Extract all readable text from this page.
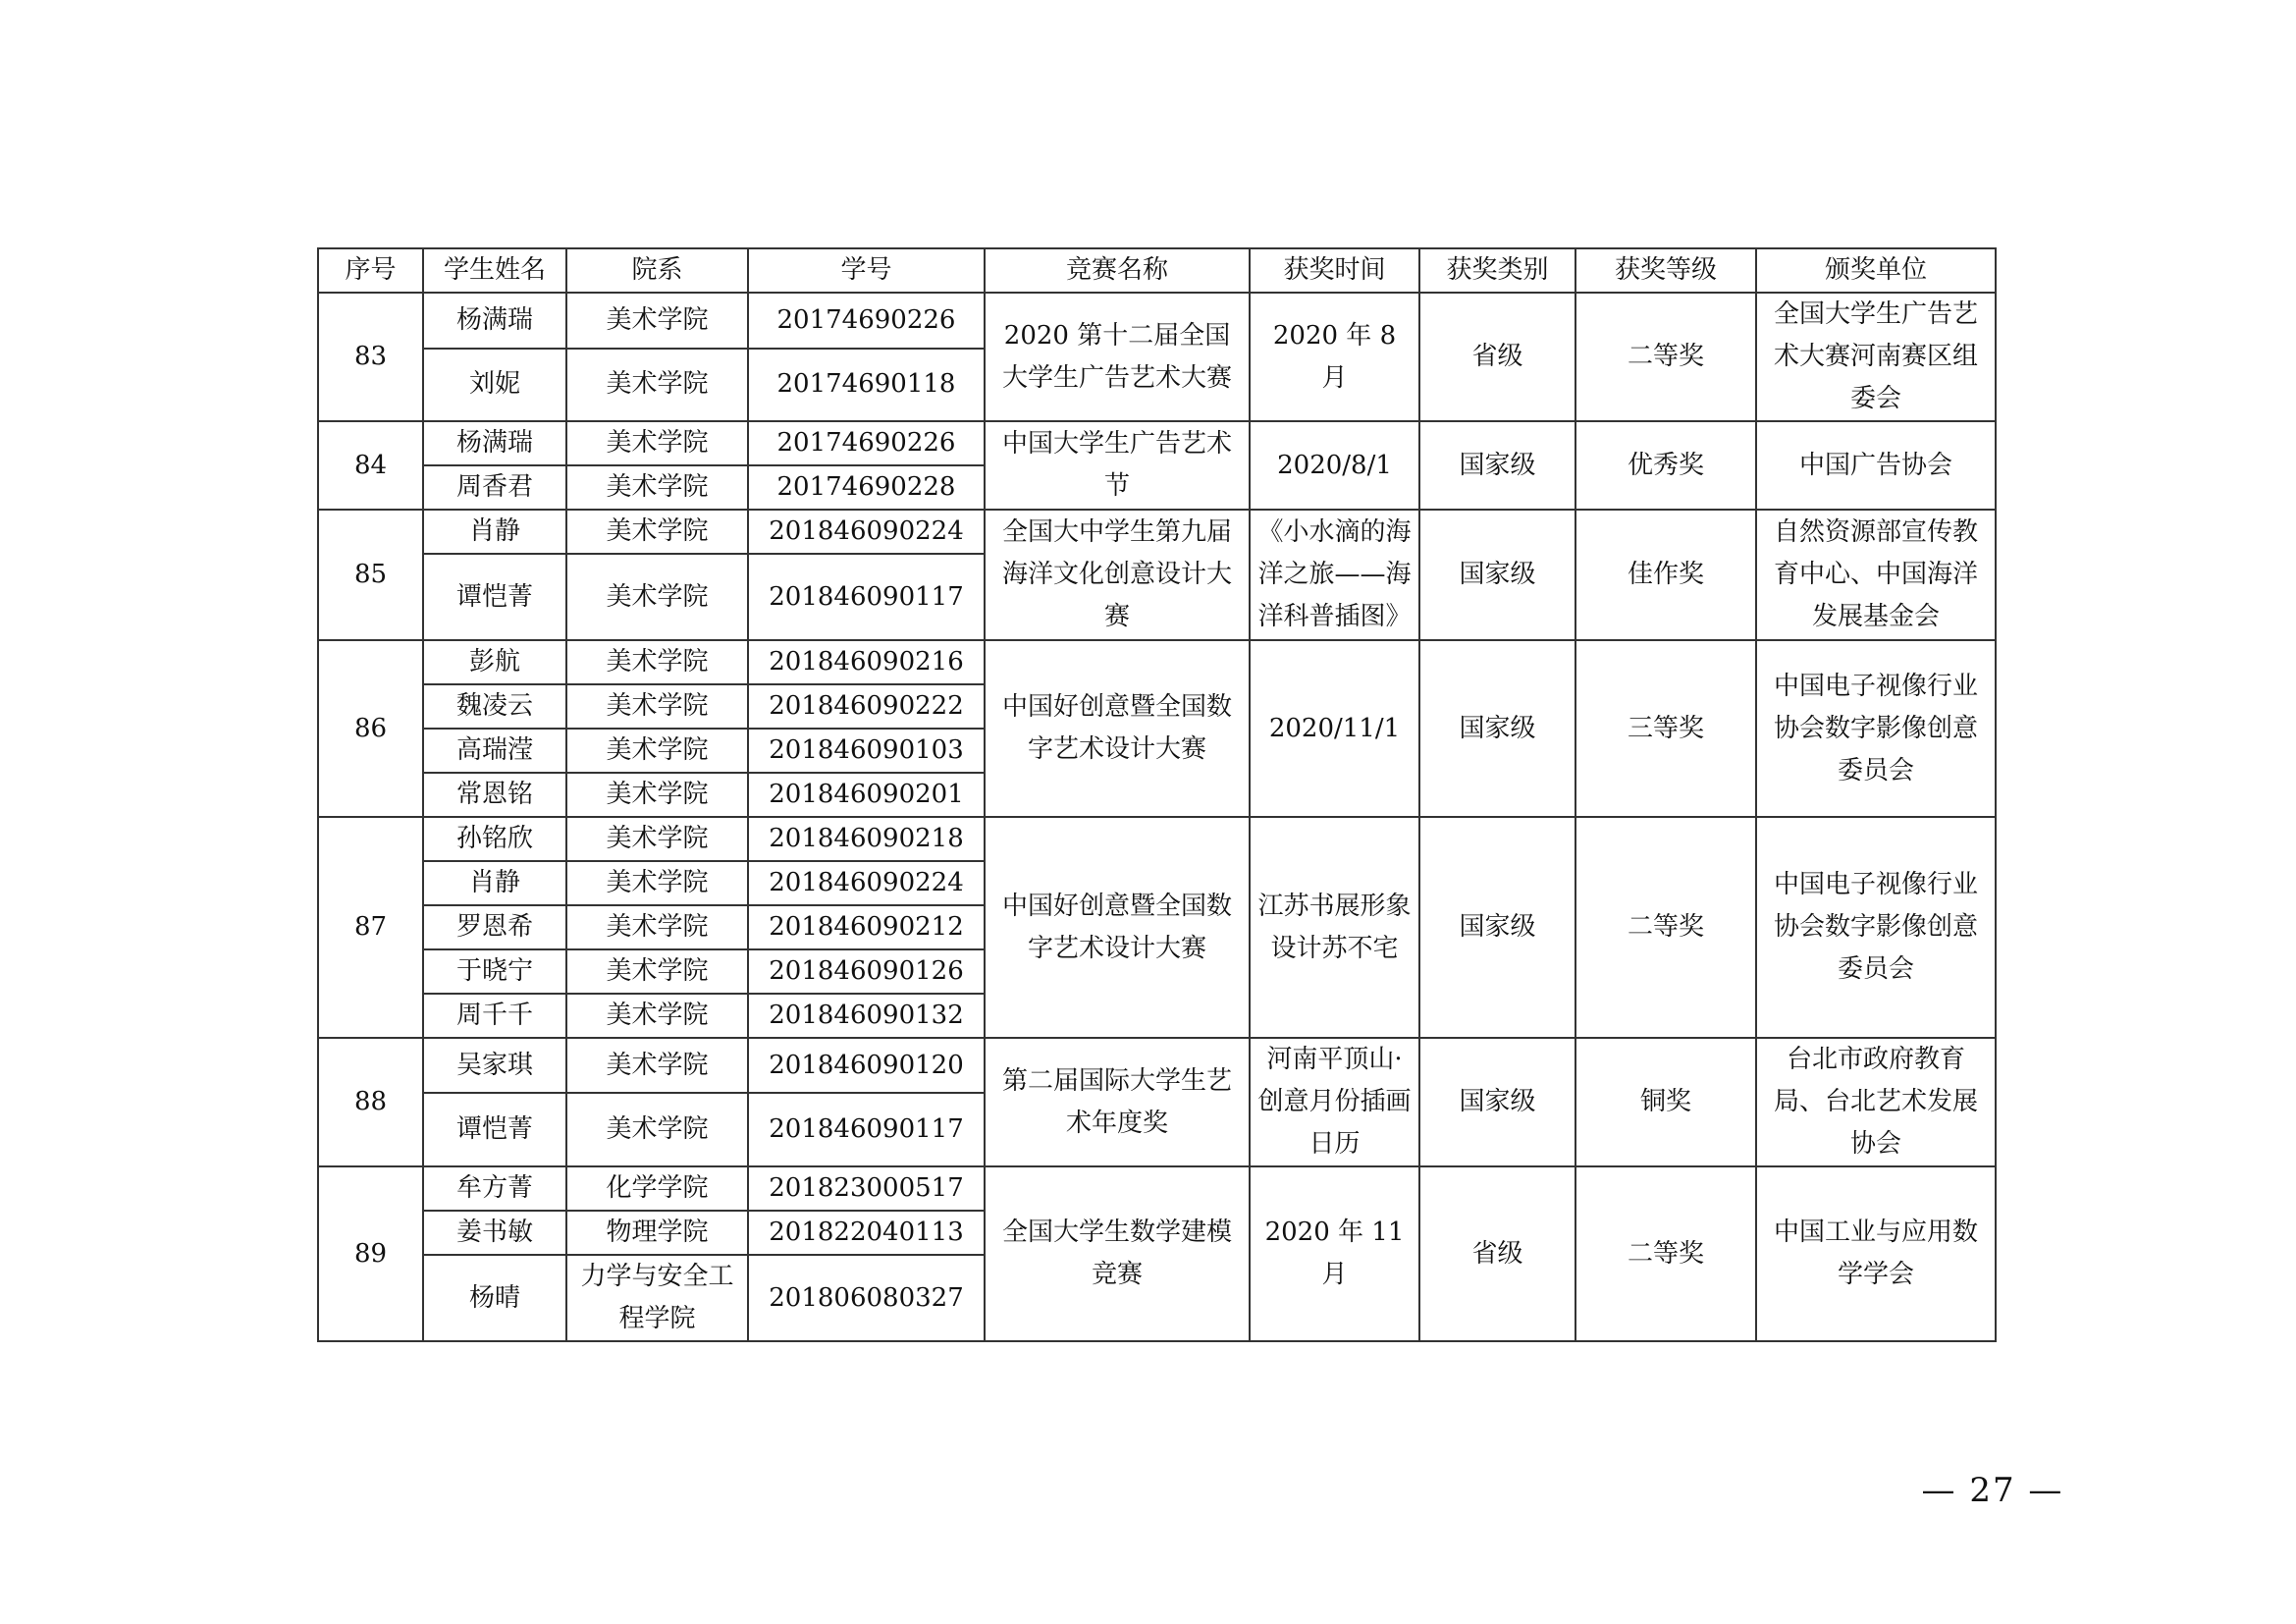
序号	学生姓名	院系	学号	竞赛名称	获奖时间	获奖类别	获奖等级	颁奖单位
83	杨满瑞	美术学院	20174690226	2020 第十二届全国大学生广告艺术大赛	2020 年 8 月	省级	二等奖	全国大学生广告艺术大赛河南赛区组委会
	刘妮	美术学院	20174690118					
84	杨满瑞	美术学院	20174690226	中国大学生广告艺术节	2020/8/1	国家级	优秀奖	中国广告协会
	周香君	美术学院	20174690228					
85	肖静	美术学院	201846090224	全国大中学生第九届海洋文化创意设计大赛	《小水滴的海洋之旅——海洋科普插图》	国家级	佳作奖	自然资源部宣传教育中心、中国海洋发展基金会
	谭恺菁	美术学院	201846090117					
86	彭航	美术学院	201846090216	中国好创意暨全国数字艺术设计大赛	2020/11/1	国家级	三等奖	中国电子视像行业协会数字影像创意委员会
	魏凌云	美术学院	201846090222					
	高瑞滢	美术学院	201846090103					
	常恩铭	美术学院	201846090201					
87	孙铭欣	美术学院	201846090218	中国好创意暨全国数字艺术设计大赛	江苏书展形象设计苏不宅	国家级	二等奖	中国电子视像行业协会数字影像创意委员会
	肖静	美术学院	201846090224					
	罗恩希	美术学院	201846090212					
	于晓宁	美术学院	201846090126					
	周千千	美术学院	201846090132					
88	吴家琪	美术学院	201846090120	第二届国际大学生艺术年度奖	河南平顶山·创意月份插画日历	国家级	铜奖	台北市政府教育局、台北艺术发展协会
	谭恺菁	美术学院	201846090117					
89	牟方菁	化学学院	201823000517	全国大学生数学建模竞赛	2020 年 11 月	省级	二等奖	中国工业与应用数学学会
	姜书敏	物理学院	201822040113					
	杨晴	力学与安全工程学院	201806080327					
— 27 —
